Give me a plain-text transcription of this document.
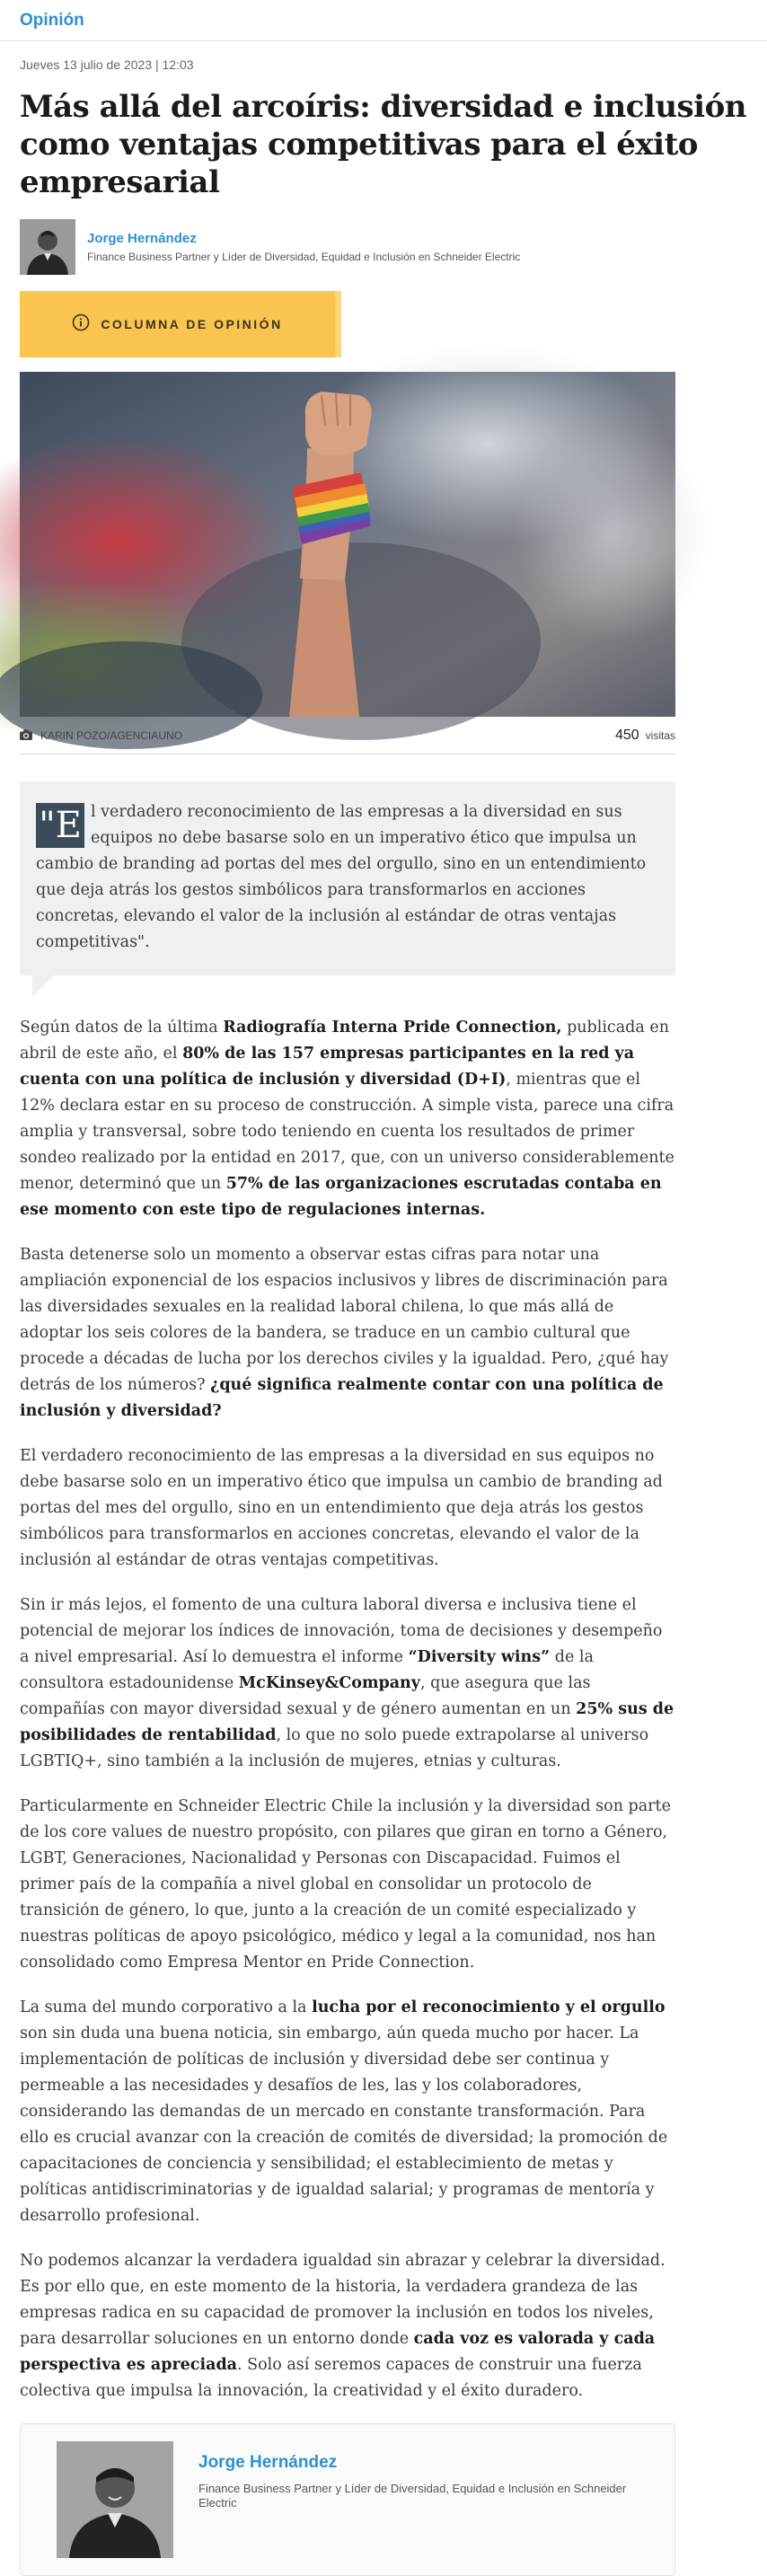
Opinión
Jueves 13 julio de 2023 | 12:03
Más allá del arcoíris: diversidad e inclusión como ventajas competitivas para el éxito empresarial
Jorge Hernández
Finance Business Partner y Líder de Diversidad, Equidad e Inclusión en Schneider Electric
COLUMNA DE OPINIÓN
KARIN POZO/AGENCIAUNO	450 visitas
"E l verdadero reconocimiento de las empresas a la diversidad en sus equipos no debe basarse solo en un imperativo ético que impulsa un cambio de branding ad portas del mes del orgullo, sino en un entendimiento que deja atrás los gestos simbólicos para transformarlos en acciones concretas, elevando el valor de la inclusión al estándar de otras ventajas competitivas".

Según datos de la última Radiografía Interna Pride Connection, publicada en abril de este año, el 80% de las 157 empresas participantes en la red ya cuenta con una política de inclusión y diversidad (D+I), mientras que el 12% declara estar en su proceso de construcción. A simple vista, parece una cifra amplia y transversal, sobre todo teniendo en cuenta los resultados de primer sondeo realizado por la entidad en 2017, que, con un universo considerablemente menor, determinó que un 57% de las organizaciones escrutadas contaba en ese momento con este tipo de regulaciones internas.

Basta detenerse solo un momento a observar estas cifras para notar una ampliación exponencial de los espacios inclusivos y libres de discriminación para las diversidades sexuales en la realidad laboral chilena, lo que más allá de adoptar los seis colores de la bandera, se traduce en un cambio cultural que procede a décadas de lucha por los derechos civiles y la igualdad. Pero, ¿qué hay detrás de los números? ¿qué significa realmente contar con una política de inclusión y diversidad?

El verdadero reconocimiento de las empresas a la diversidad en sus equipos no debe basarse solo en un imperativo ético que impulsa un cambio de branding ad portas del mes del orgullo, sino en un entendimiento que deja atrás los gestos simbólicos para transformarlos en acciones concretas, elevando el valor de la inclusión al estándar de otras ventajas competitivas.

Sin ir más lejos, el fomento de una cultura laboral diversa e inclusiva tiene el potencial de mejorar los índices de innovación, toma de decisiones y desempeño a nivel empresarial. Así lo demuestra el informe “Diversity wins” de la consultora estadounidense McKinsey&Company, que asegura que las compañías con mayor diversidad sexual y de género aumentan en un 25% sus de posibilidades de rentabilidad, lo que no solo puede extrapolarse al universo LGBTIQ+, sino también a la inclusión de mujeres, etnias y culturas.

Particularmente en Schneider Electric Chile la inclusión y la diversidad son parte de los core values de nuestro propósito, con pilares que giran en torno a Género, LGBT, Generaciones, Nacionalidad y Personas con Discapacidad. Fuimos el primer país de la compañía a nivel global en consolidar un protocolo de transición de género, lo que, junto a la creación de un comité especializado y nuestras políticas de apoyo psicológico, médico y legal a la comunidad, nos han consolidado como Empresa Mentor en Pride Connection.

La suma del mundo corporativo a la lucha por el reconocimiento y el orgullo son sin duda una buena noticia, sin embargo, aún queda mucho por hacer. La implementación de políticas de inclusión y diversidad debe ser continua y permeable a las necesidades y desafíos de les, las y los colaboradores, considerando las demandas de un mercado en constante transformación. Para ello es crucial avanzar con la creación de comités de diversidad; la promoción de capacitaciones de conciencia y sensibilidad; el establecimiento de metas y políticas antidiscriminatorias y de igualdad salarial; y programas de mentoría y desarrollo profesional.

No podemos alcanzar la verdadera igualdad sin abrazar y celebrar la diversidad. Es por ello que, en este momento de la historia, la verdadera grandeza de las empresas radica en su capacidad de promover la inclusión en todos los niveles, para desarrollar soluciones en un entorno donde cada voz es valorada y cada perspectiva es apreciada. Solo así seremos capaces de construir una fuerza colectiva que impulsa la innovación, la creatividad y el éxito duradero.

Jorge Hernández
Finance Business Partner y Líder de Diversidad, Equidad e Inclusión en Schneider Electric
